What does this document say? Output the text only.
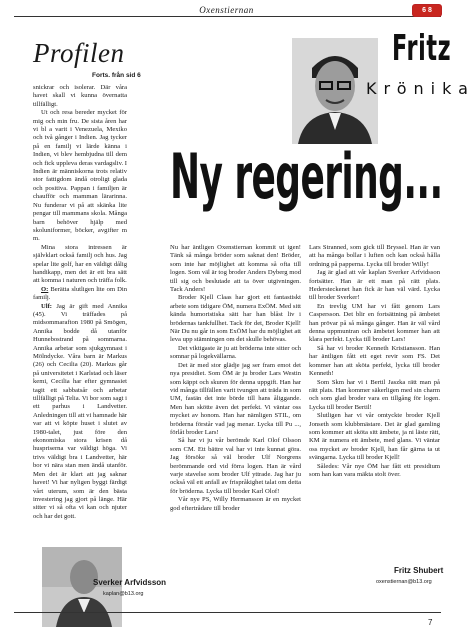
Oxenstiernan	6 8
Profilen
Forts. från sid 6

snickrar och isolerar. Där våra havet skall vi kunna övernatta tillfälligt.

Ut och resa bereder mycket för mig och min fru. De sista åren har vi bl a varit i Venezuela, Mexiko och två gånger i Indien. Jag tycker på en familj vi lärde känna i Indien, vi blev hembjudna till dem och fick uppleva deras vardagsliv. I Indien är människorna trots relativ stor fattigdom ändå otroligt glada och positiva. Pappan i familjen är chaufför och mamman lärarinna. Nu funderar vi på att skänka lite pengar till mammans skola. Många barn behöver hjälp med skoluniformer, böcker, avgifter m m.

Mina stora intressen är självklart också familj och hus. Jag spelar lite golf, har en väldigt dålig handikapp, men det är ett bra sätt att komma i naturen och träffa folk.

O: Berätta slutligen lite om Din familj.

Ulf: Jag är gift med Annika (45). Vi träffades på midsommarafton 1980 på Smögen, Annika bodde då utanför Hunnebostrand på sommarna. Annika arbetar som sjukgymnast i Mölndycke. Våra barn är Markus (26) och Cecilia (20). Markus går på universitetet i Karlstad och läser kemi, Cecilia har efter gymnasiet tagit ett sabbatsår och arbetar tillfälligt på Telia. Vi bor som sagt i ett parhus i Landvetter. Anledningen till att vi hamnade här var att vi köpte huset i slutet av 1980-talet, just före den ekonomiska stora krisen då husprisernа var väldigt höga. Vi trivs väldigt bra i Landvetter, här bor vi nära stan men ändå utanför. Men det är klart att jag saknar havet! Vi har nyligen byggt färdigt vårt uterum, som är den bästa investering jag gjort på länge. Här sitter vi så ofta vi kan och njuter och har det gott.

Sverker Arfvidsson
kaplan@b13.org
Fritz
Krönika
Ny regering...

Nu har äntligen Oxenstiernan kommit ut igen! Tänk så många bröder som saknat den! Bröder, som inte har möjlighet att komma så ofta till logen. Som väl är tog broder Anders Dyberg mod till sig och beslutade att ta över utgivningen. Tack Anders!

Broder Kjell Claas har gjort ett fantastiskt arbete som tidigare ÖM, numera ExÖM. Med sitt kända humoristiska sätt har han blåst liv i brödernas tankfullhet. Tack för det, Broder Kjell! När Du nu går in som ExÖM har du möjlighet att leva upp stämningen om det skulle behövas.

Det viktigaste är ju att brödernа inte sitter och somnar på logekvällarna.

Det är med stor glädje jag ser fram emot det nya presidiet. Som ÖM är ju broder Lars Westin som käppt och skuren för denna uppgift. Han har vid många tillfällen varit tvungen att träda in som UM, fastän det inte börde till hans åliggande. Men han skötte även det perfekt. Vi väntar oss mycket av honom. Han har nämligen STIL, om bröderna förstår vad jag menar. Lycka till Pu ..., förlåt broder Lars!

Så har vi ju vår berömde Karl Olof Olsson som CM. Ett bättre val har vi inte kunnat göra. Jag försöke så väl broder Ulf Norgrens berömmande ord vid förra logen. Han är vård varje stavelse som broder Ulf yttrade. Jag har ju också väl ett anfall av frispråkighet talat om detta för bröderna. Lycka till broder Karl Olof!

Vår nye PS, Willy Hermansson är en mycket god eftertrådare till broder

Lars Stranned, som gick till Bryssel. Han är van att ha många bollar i luften och kan också hålla ordning på papperna. Lycka till broder Willy!

Jag är glad att vår kaplan Sverker Arfvidsson fortsätter. Han är ett man på rätt plats. Hedersteckenet han fick är han väl värd. Lycka till broder Sverker!

En trevlig UM har vi fått genom Lars Caspersson. Det blir en fortsättning på ämbetet han prövar på så många gånger. Han är väl vård denna uppmuntran och ämbetet kommer han att klara perfekt. Lycka till broder Lars!

Så har vi broder Kenneth Kristiansson. Han har äntligen fått ett eget revir som FS. Det kommer han att sköta perfekt, lycka till broder Kenneth!

Som Skm har vi i Bertil Jaszka rätt man på rätt plats. Han kommer säkerligen med sin charm och som glad broder vara en tillgång för logen. Lycka till broder Bertil!

Slutligen har vi vår omtyckte broder Kjell Jonseth som klubbmästare. Det är glad gamling som kommer att sköta sitt ämbete, ja ni läste rätt, KM är numera ett ämbete, med glans. Vi väntar oss mycket av broder Kjell, han får gärna ta ut svängarna. Lycka till broder Kjell!

Således: Vår nye ÖM har fått ett presidium som han kan vara mäkta stolt över.

Fritz Shubert
oxenstiernan@b13.org
7
